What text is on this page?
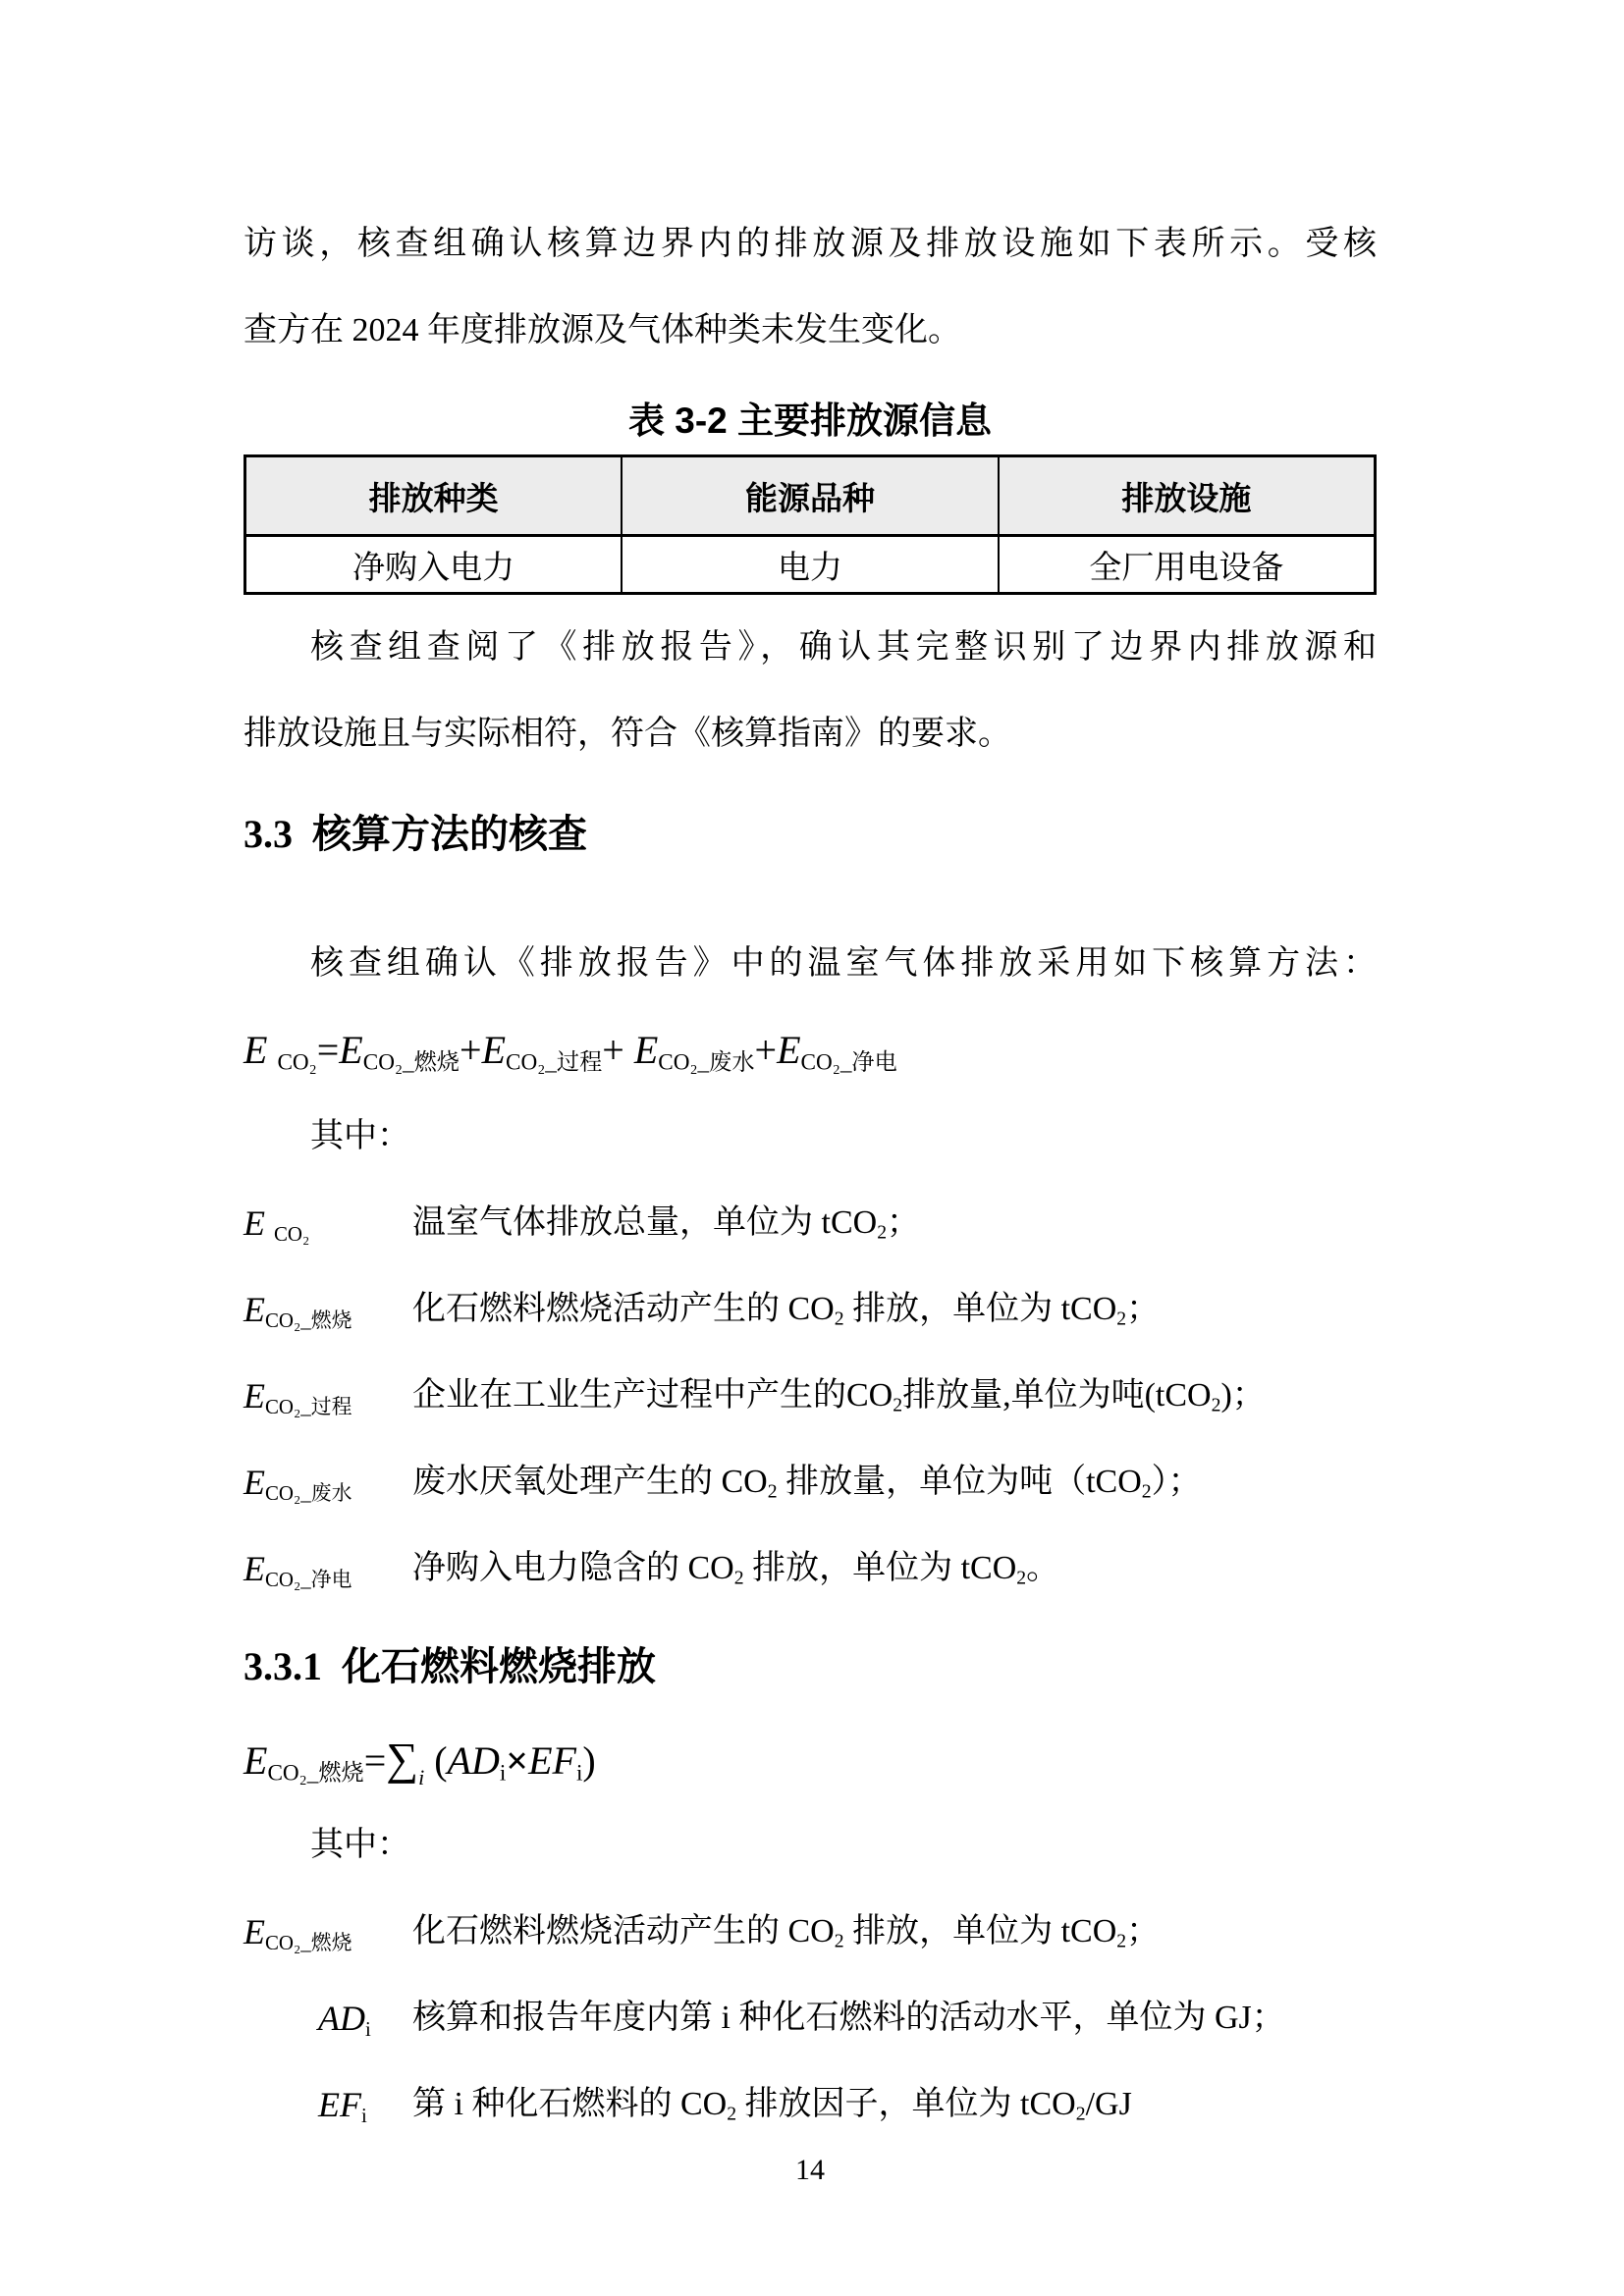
访谈，核查组确认核算边界内的排放源及排放设施如下表所示。受核
查方在 2024 年度排放源及气体种类未发生变化。
表 3-2 主要排放源信息
排放种类	能源品种	排放设施
净购入电力	电力	全厂用电设备
核查组查阅了《排放报告》，确认其完整识别了边界内排放源和
排放设施且与实际相符，符合《核算指南》的要求。
3.3 核算方法的核查
核查组确认《排放报告》中的温室气体排放采用如下核算方法：
E CO₂=ECO₂_燃烧+ECO₂_过程+ ECO₂_废水+ECO₂_净电
其中：
E CO₂	温室气体排放总量，单位为 tCO2；
ECO₂_燃烧	化石燃料燃烧活动产生的 CO2 排放，单位为 tCO2；
ECO₂_过程	企业在工业生产过程中产生的CO2排放量,单位为吨(tCO2)；
ECO₂_废水	废水厌氧处理产生的 CO2 排放量，单位为吨（tCO2）；
ECO₂_净电	净购入电力隐含的 CO2 排放，单位为 tCO2。
3.3.1 化石燃料燃烧排放
ECO₂_燃烧$=\sum_i$ (ADi×EFi)
其中：
ECO₂_燃烧	化石燃料燃烧活动产生的 CO2 排放，单位为 tCO2；
ADi	核算和报告年度内第 i 种化石燃料的活动水平，单位为 GJ；
EFi	第 i 种化石燃料的 CO2 排放因子，单位为 tCO2/GJ
14
